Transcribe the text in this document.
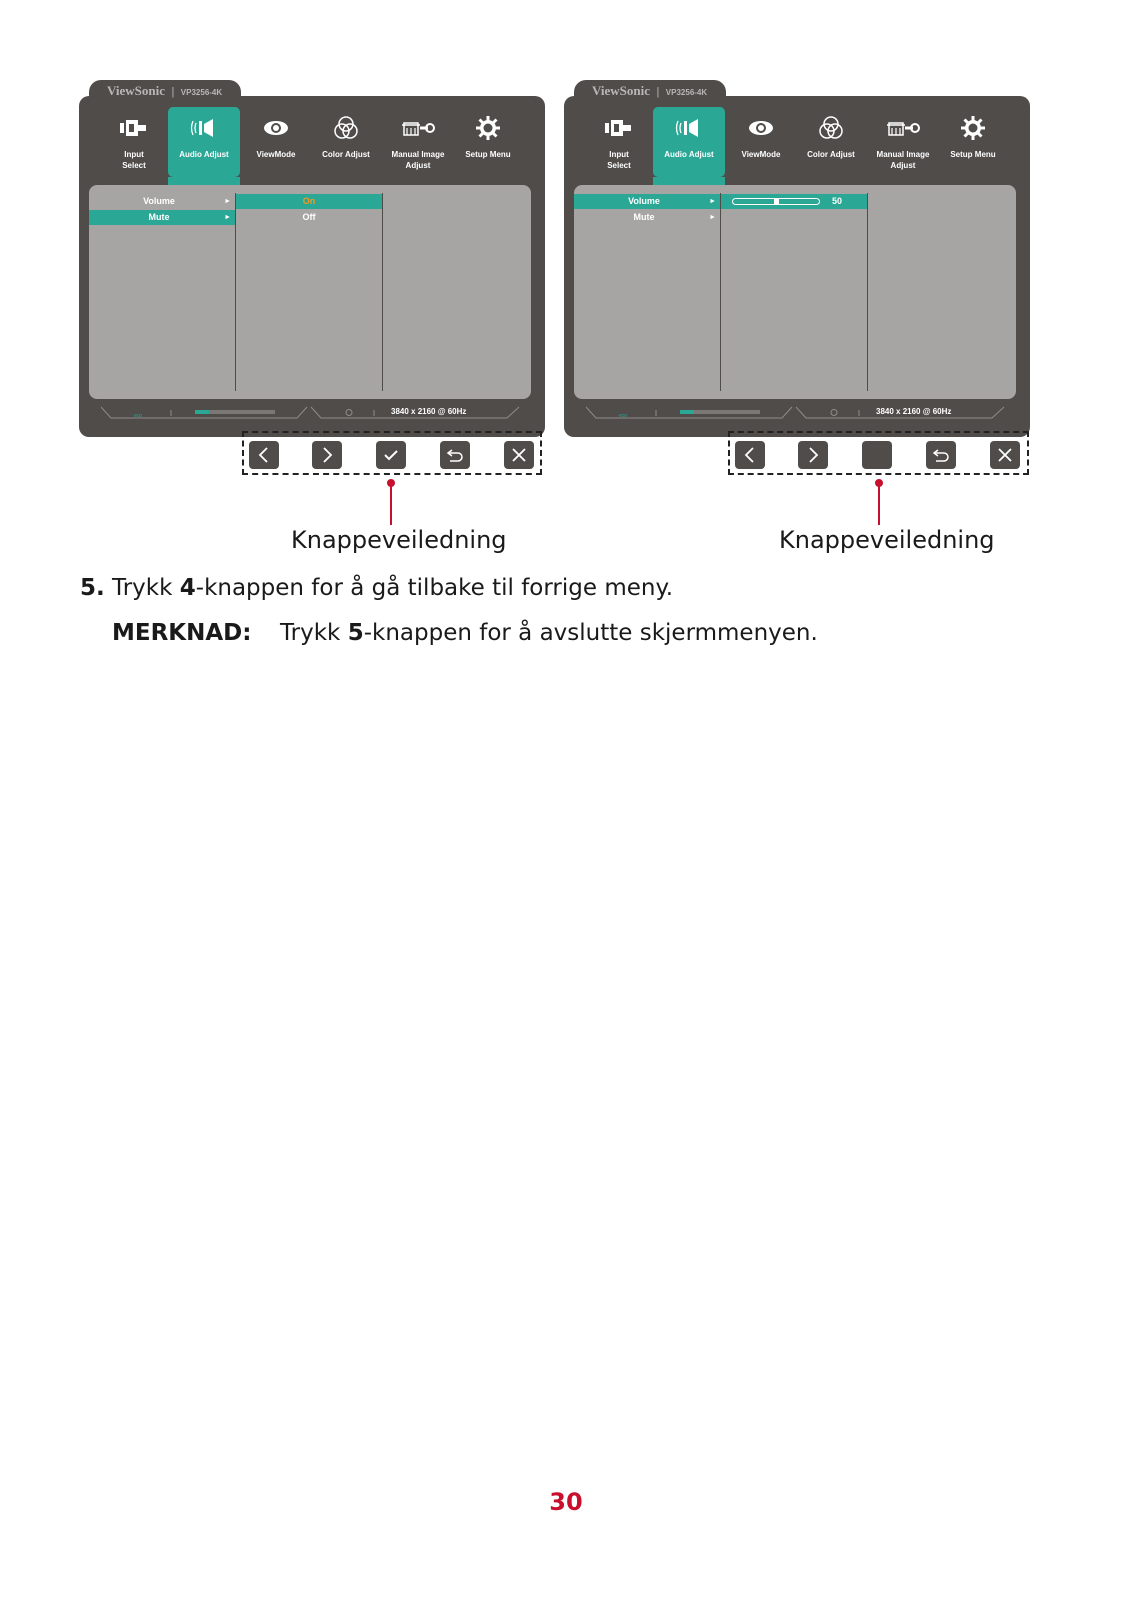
ViewSonic | VP3256-4K
Input
Select
Audio Adjust	ViewMode	Color Adjust	Manual Image
Adjust
Setup Menu
Volume	►
Mute	►
On
Off
eco	3840 x 2160 @ 60Hz
Knappeveiledning
ViewSonic | VP3256-4K
Input
Select
Audio Adjust	ViewMode	Color Adjust	Manual Image
Adjust
Setup Menu
Volume	►
Mute	►
50
eco	3840 x 2160 @ 60Hz
Knappeveiledning
5. Trykk 4-knappen for å gå tilbake til forrige meny.
MERKNAD: Trykk 5-knappen for å avslutte skjermmenyen.
30
